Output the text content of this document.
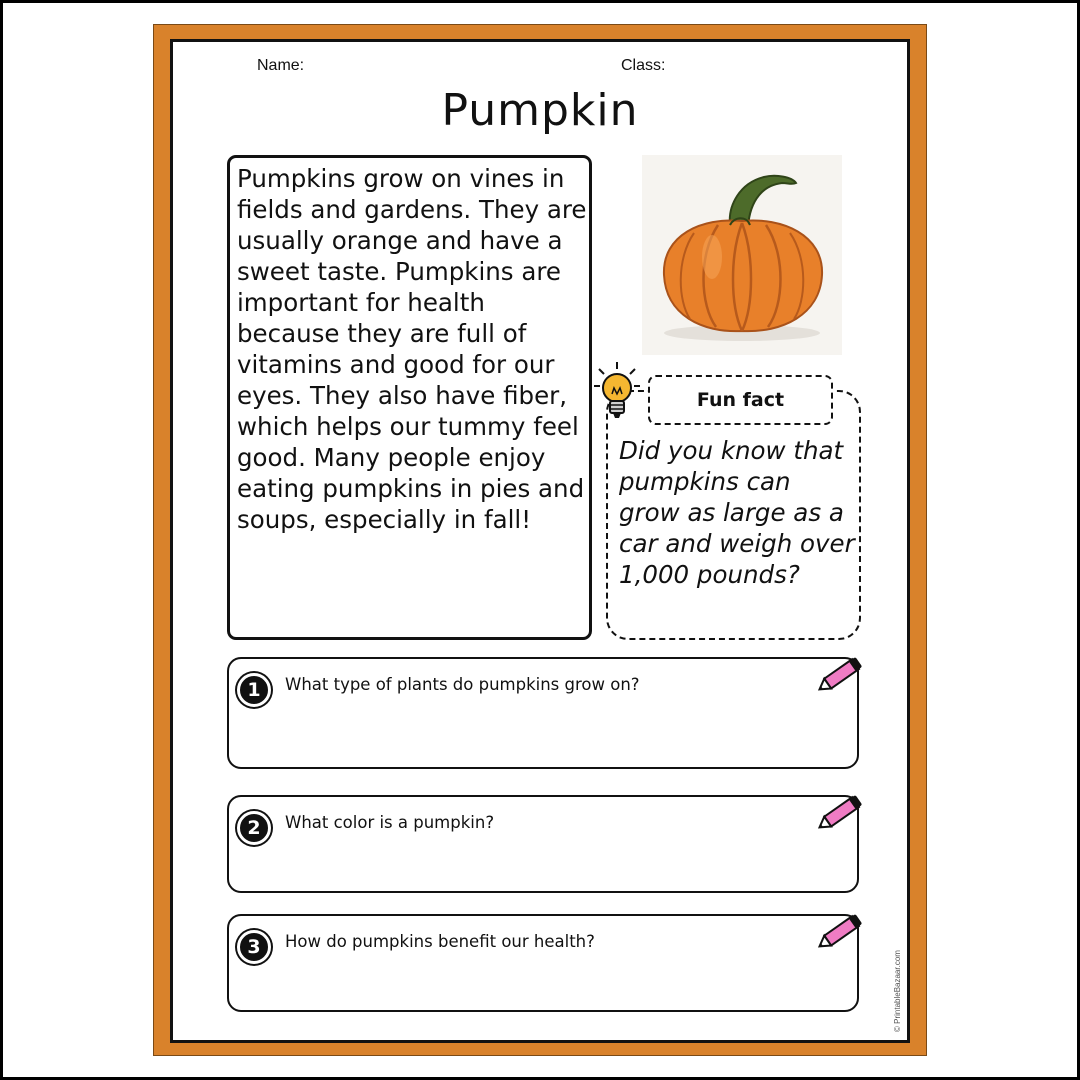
Name:	Class:
Pumpkin

Pumpkins grow on vines in fields and gardens. They are usually orange and have a sweet taste. Pumpkins are important for health because they are full of vitamins and good for our eyes. They also have fiber, which helps our tummy feel good. Many people enjoy eating pumpkins in pies and soups, especially in fall!

Fun fact

Did you know that pumpkins can grow as large as a car and weigh over 1,000 pounds?

1	What type of plants do pumpkins grow on?
2	What color is a pumpkin?
3	How do pumpkins benefit our health?
© PrintableBazaar.com
